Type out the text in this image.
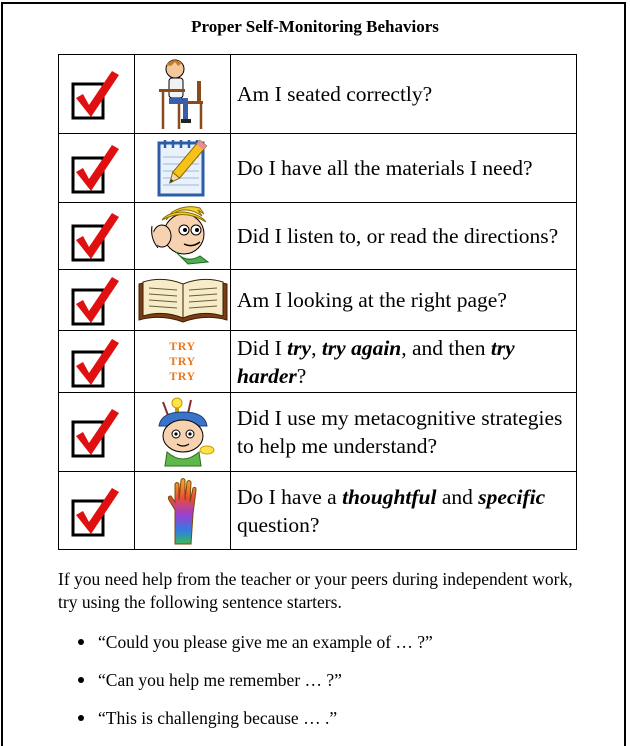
Proper Self-Monitoring Behaviors

	Am I seated correctly?

	Do I have all the materials I need?

	Did I listen to, or read the directions?

	Am I looking at the right page?

TRY
TRY
TRY	Did I try, try again, and then try harder?

	Did I use my metacognitive strategies to help me understand?

	Do I have a thoughtful and specific question?
If you need help from the teacher or your peers during independent work, try using the following sentence starters.
“Could you please give me an example of … ?”
“Can you help me remember … ?”
“This is challenging because … .”
